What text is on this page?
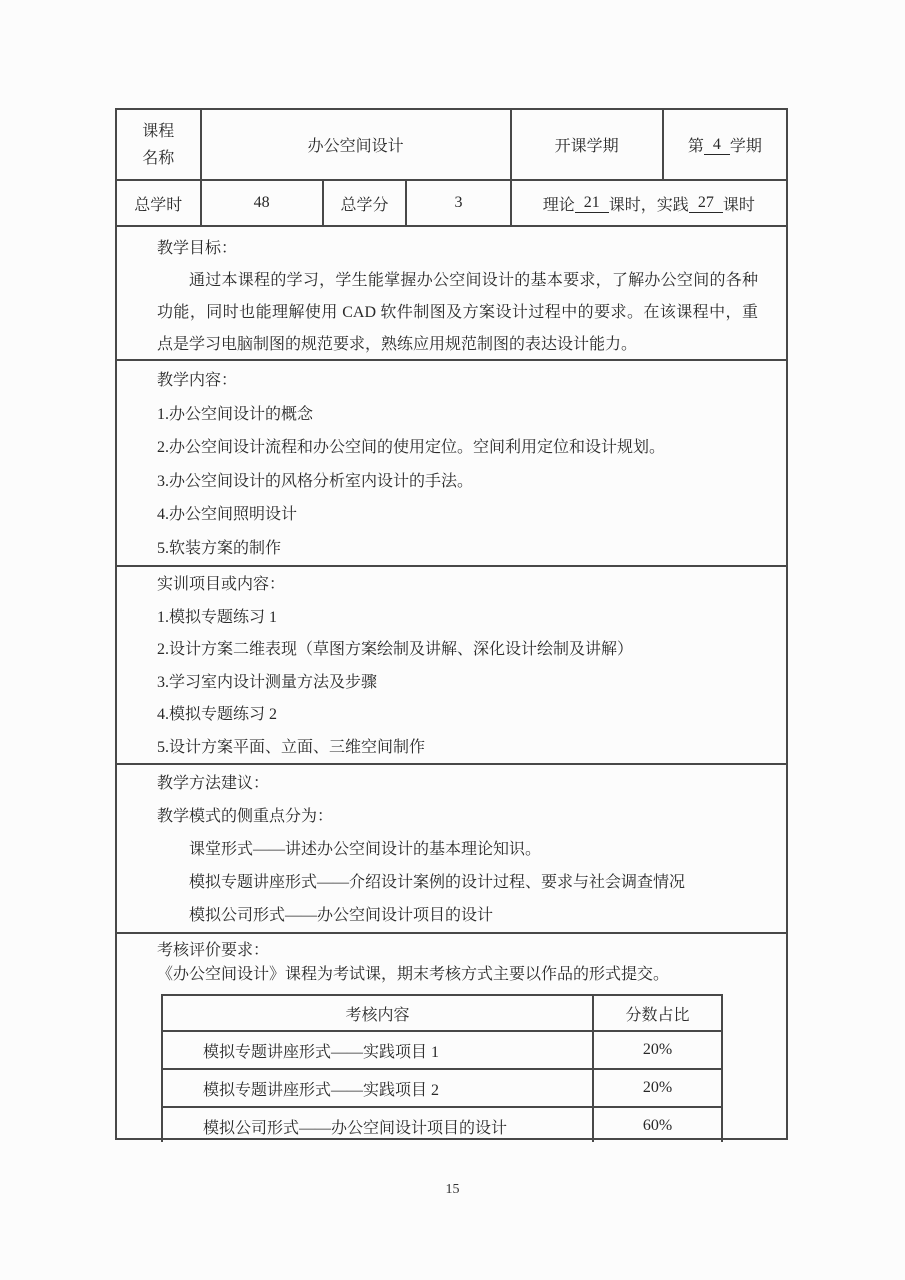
课程
名称
办公空间设计	开课学期	第 4 学期
总学时	48	总学分	3	理论 21 课时，实践 27 课时
教学目标：

通过本课程的学习，学生能掌握办公空间设计的基本要求，了解办公空间的各种功能，同时也能理解使用 CAD 软件制图及方案设计过程中的要求。在该课程中，重点是学习电脑制图的规范要求，熟练应用规范制图的表达设计能力。

教学内容：
1.办公空间设计的概念
2.办公空间设计流程和办公空间的使用定位。空间利用定位和设计规划。
3.办公空间设计的风格分析室内设计的手法。
4.办公空间照明设计
5.软装方案的制作
实训项目或内容：
1.模拟专题练习 1
2.设计方案二维表现（草图方案绘制及讲解、深化设计绘制及讲解）
3.学习室内设计测量方法及步骤
4.模拟专题练习 2
5.设计方案平面、立面、三维空间制作
教学方法建议：
教学模式的侧重点分为：
课堂形式——讲述办公空间设计的基本理论知识。
模拟专题讲座形式——介绍设计案例的设计过程、要求与社会调查情况
模拟公司形式——办公空间设计项目的设计
考核评价要求：
《办公空间设计》课程为考试课，期末考核方式主要以作品的形式提交。
考核内容	分数占比
模拟专题讲座形式——实践项目 1	20%
模拟专题讲座形式——实践项目 2	20%
模拟公司形式——办公空间设计项目的设计	60%
15
